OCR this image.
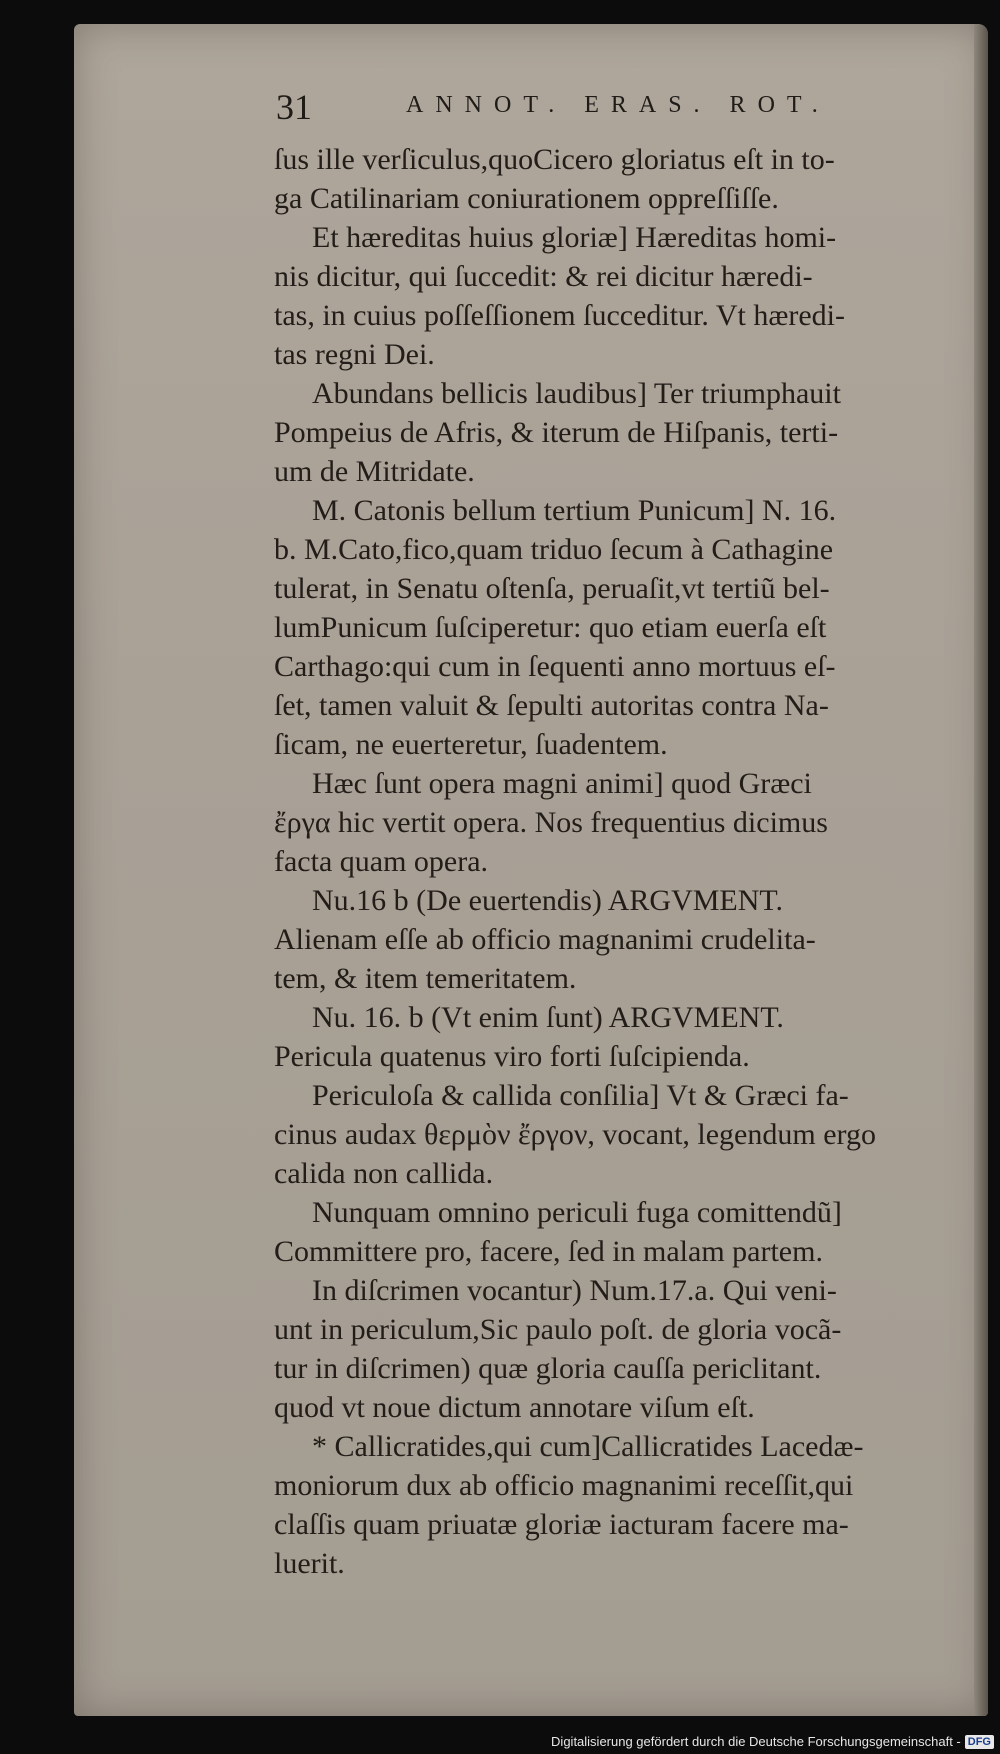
31	ANNOT. ERAS. ROT.
ſus ille verſiculus,quoCicero gloriatus eſt in to-
ga Catilinariam coniurationem oppreſſiſſe.
Et hæreditas huius gloriæ] Hæreditas homi-
nis dicitur, qui ſuccedit: & rei dicitur hæredi-
tas, in cuius poſſeſſionem ſucceditur. Vt hæredi-
tas regni Dei.
Abundans bellicis laudibus] Ter triumphauit
Pompeius de Afris, & iterum de Hiſpanis, terti-
um de Mitridate.
M. Catonis bellum tertium Punicum] N. 16.
b. M.Cato,fico,quam triduo ſecum à Cathagine
tulerat, in Senatu oſtenſa, peruaſit,vt tertiũ bel-
lumPunicum ſuſciperetur: quo etiam euerſa eſt
Carthago:qui cum in ſequenti anno mortuus eſ-
ſet, tamen valuit & ſepulti autoritas contra Na-
ſicam, ne euerteretur, ſuadentem.
Hæc ſunt opera magni animi] quod Græci
ἔργα hic vertit opera. Nos frequentius dicimus
facta quam opera.
Nu.16 b (De euertendis) ARGVMENT.
Alienam eſſe ab officio magnanimi crudelita-
tem, & item temeritatem.
Nu. 16. b (Vt enim ſunt) ARGVMENT.
Pericula quatenus viro forti ſuſcipienda.
Periculoſa & callida conſilia] Vt & Græci fa-
cinus audax θερμὸν ἔργον, vocant, legendum ergo
calida non callida.
Nunquam omnino periculi fuga comittendũ]
Committere pro, facere, ſed in malam partem.
In diſcrimen vocantur) Num.17.a. Qui veni-
unt in periculum,Sic paulo poſt. de gloria vocã-
tur in diſcrimen) quæ gloria cauſſa periclitant.
quod vt noue dictum annotare viſum eſt.
* Callicratides,qui cum]Callicratides Lacedæ-
moniorum dux ab officio magnanimi receſſit,qui
claſſis quam priuatæ gloriæ iacturam facere ma-
luerit.
Digitalisierung gefördert durch die Deutsche Forschungsgemeinschaft - DFG
